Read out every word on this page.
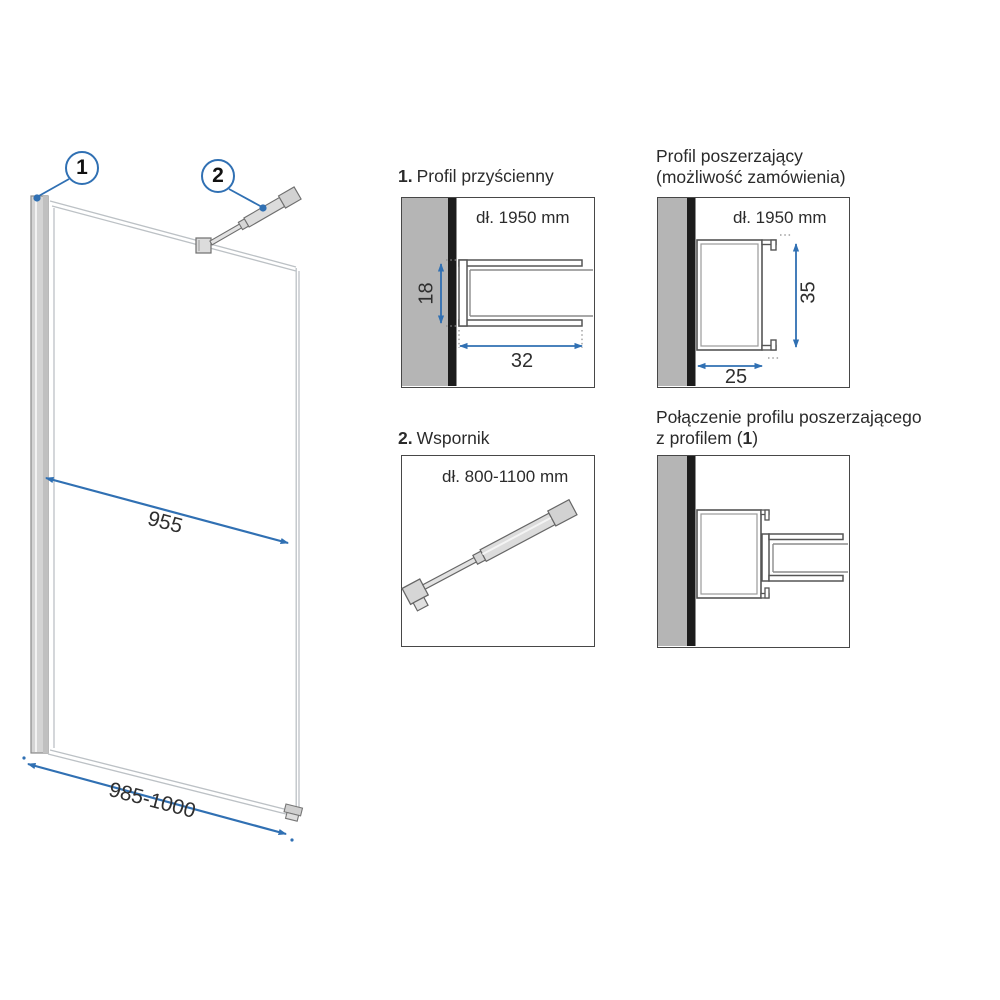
1	2
955
985-1000
1. Profil przyścienny
dł. 1950 mm
18
32
Profil poszerzający
(możliwość zamówienia)
dł. 1950 mm
35
25
2. Wspornik
dł. 800-1100 mm
Połączenie profilu poszerzającego
z profilem (1)
